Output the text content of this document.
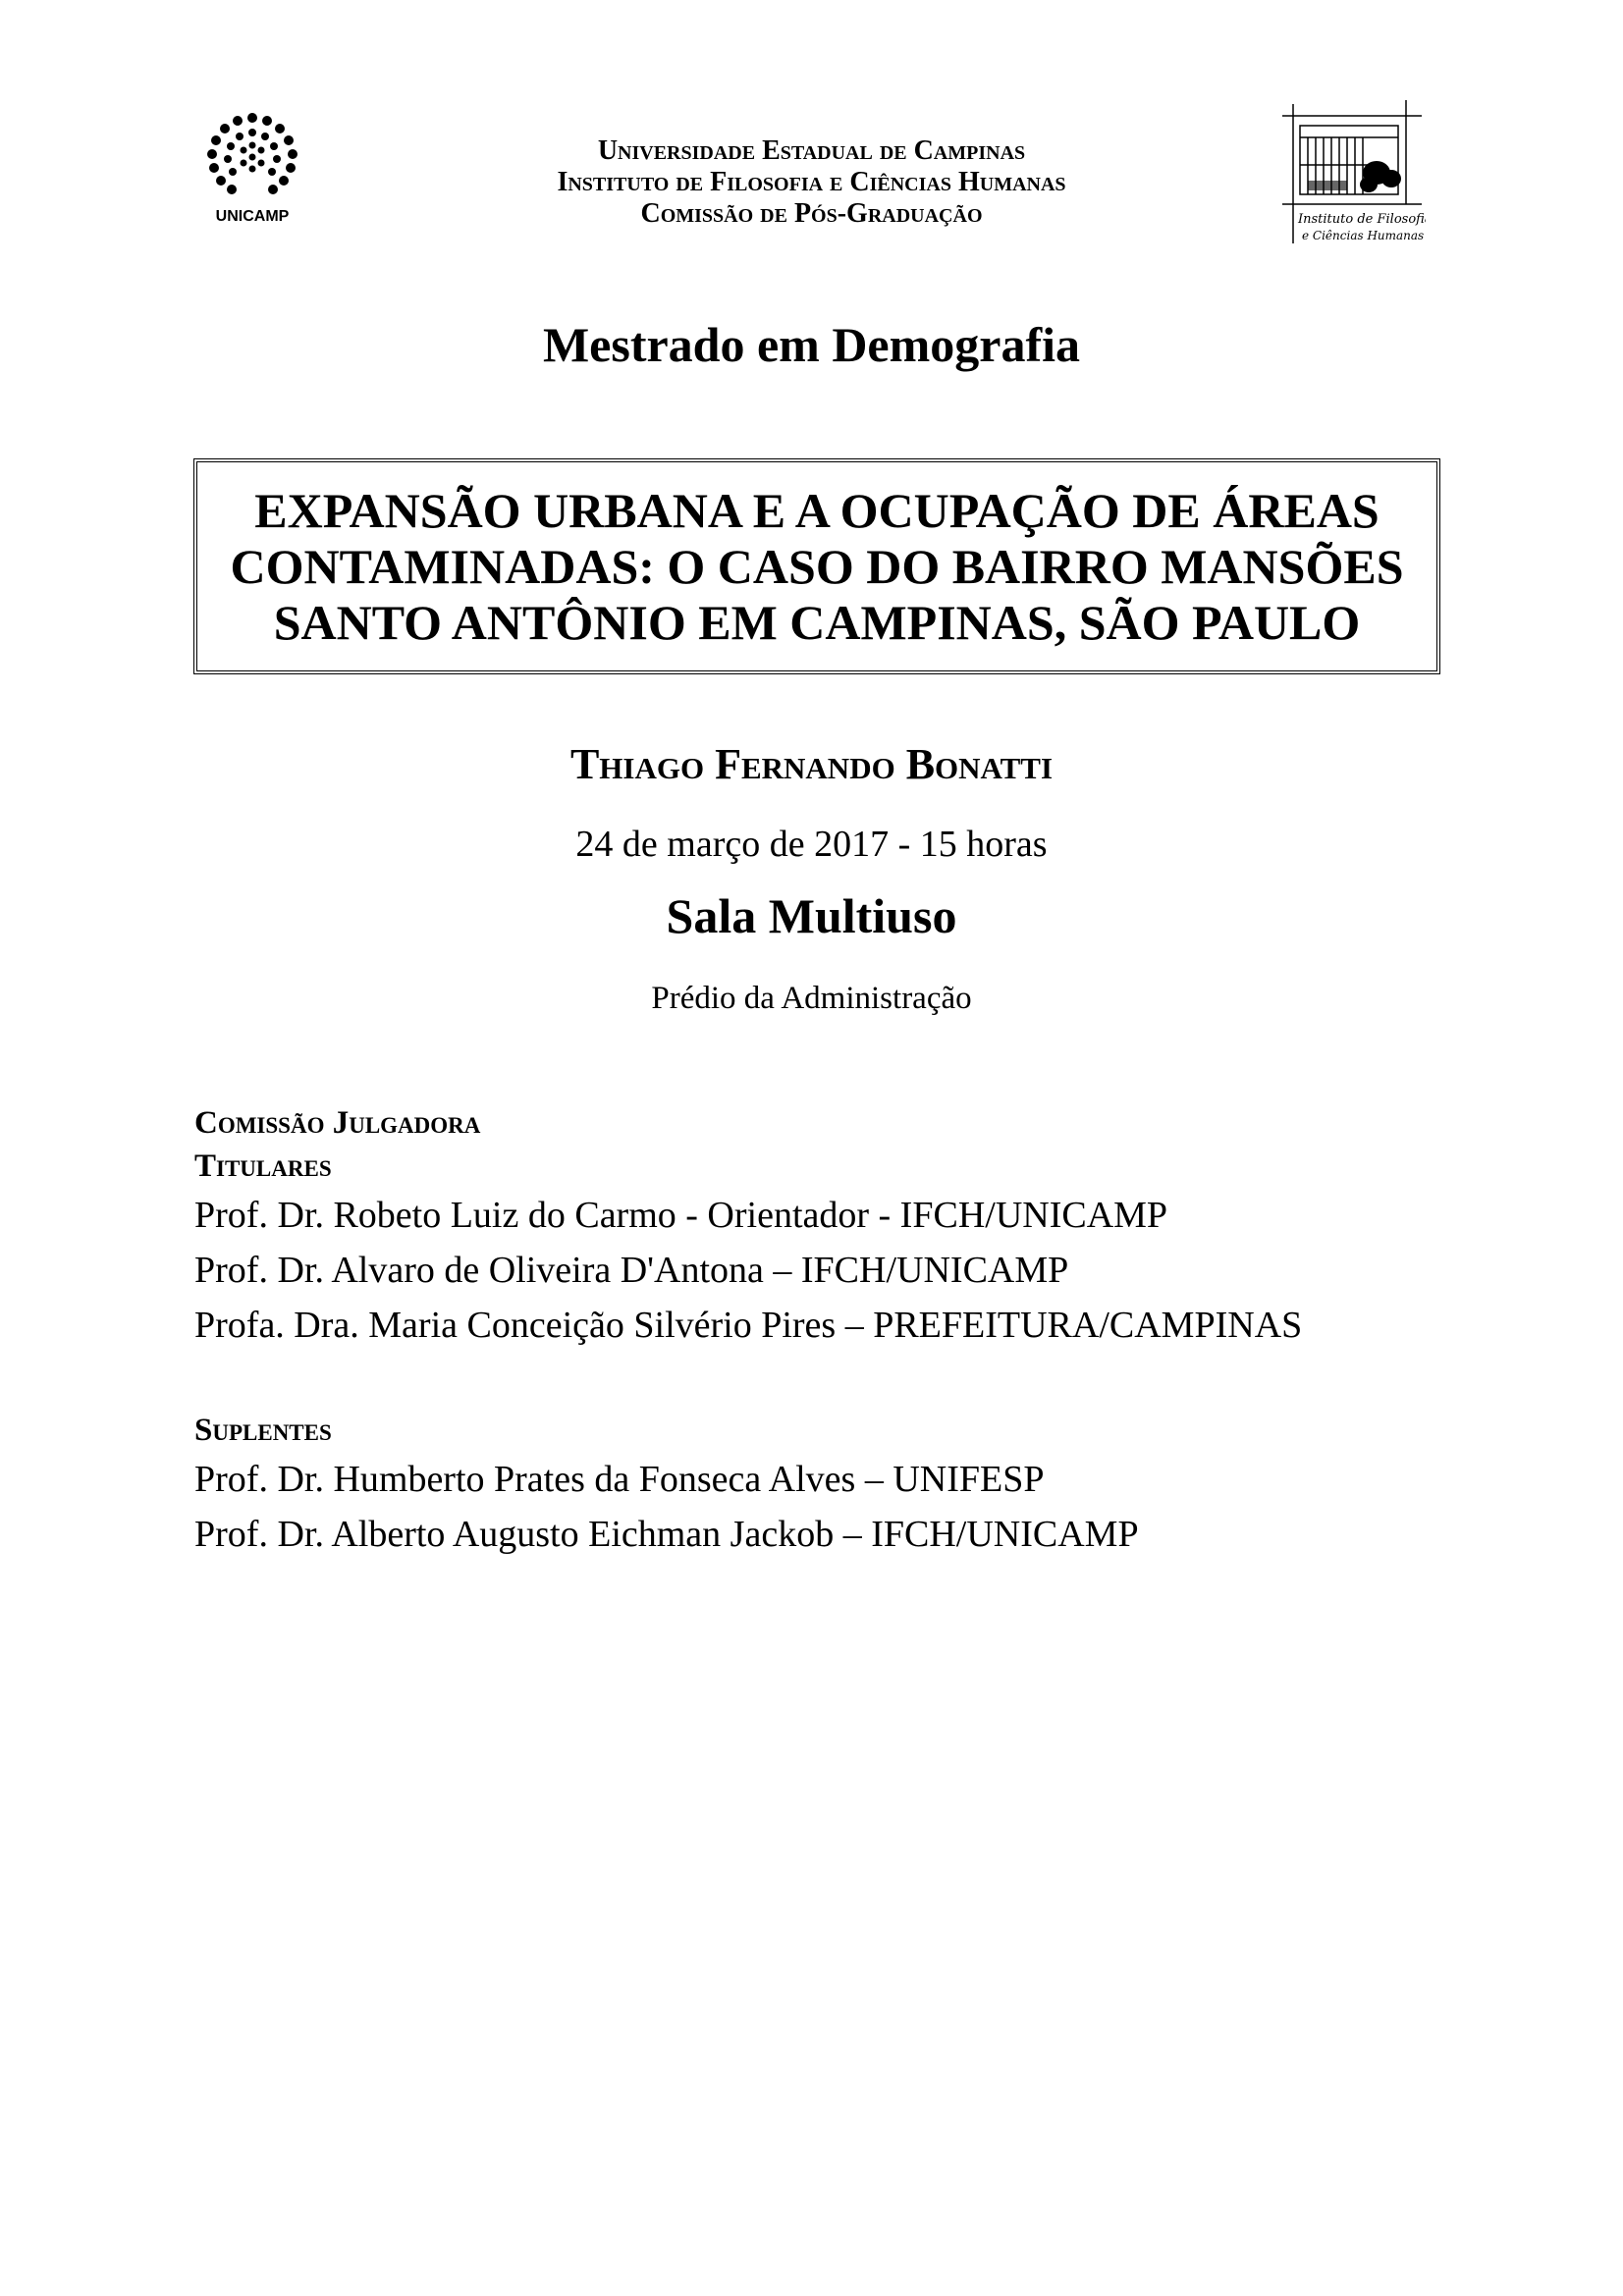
UNICAMP
Universidade Estadual de Campinas
Instituto de Filosofia e Ciências Humanas
Comissão de Pós-Graduação	Instituto de Filosofia
e Ciências Humanas
Mestrado em Demografia
EXPANSÃO URBANA E A OCUPAÇÃO DE ÁREAS
CONTAMINADAS: O CASO DO BAIRRO MANSÕES
SANTO ANTÔNIO EM CAMPINAS, SÃO PAULO
Thiago Fernando Bonatti
24 de março de 2017 - 15 horas
Sala Multiuso
Prédio da Administração
Comissão Julgadora
Titulares
Prof. Dr. Robeto Luiz do Carmo - Orientador - IFCH/UNICAMP
Prof. Dr. Alvaro de Oliveira D'Antona – IFCH/UNICAMP
Profa. Dra. Maria Conceição Silvério Pires – PREFEITURA/CAMPINAS
Suplentes
Prof. Dr. Humberto Prates da Fonseca Alves – UNIFESP
Prof. Dr. Alberto Augusto Eichman Jackob – IFCH/UNICAMP
